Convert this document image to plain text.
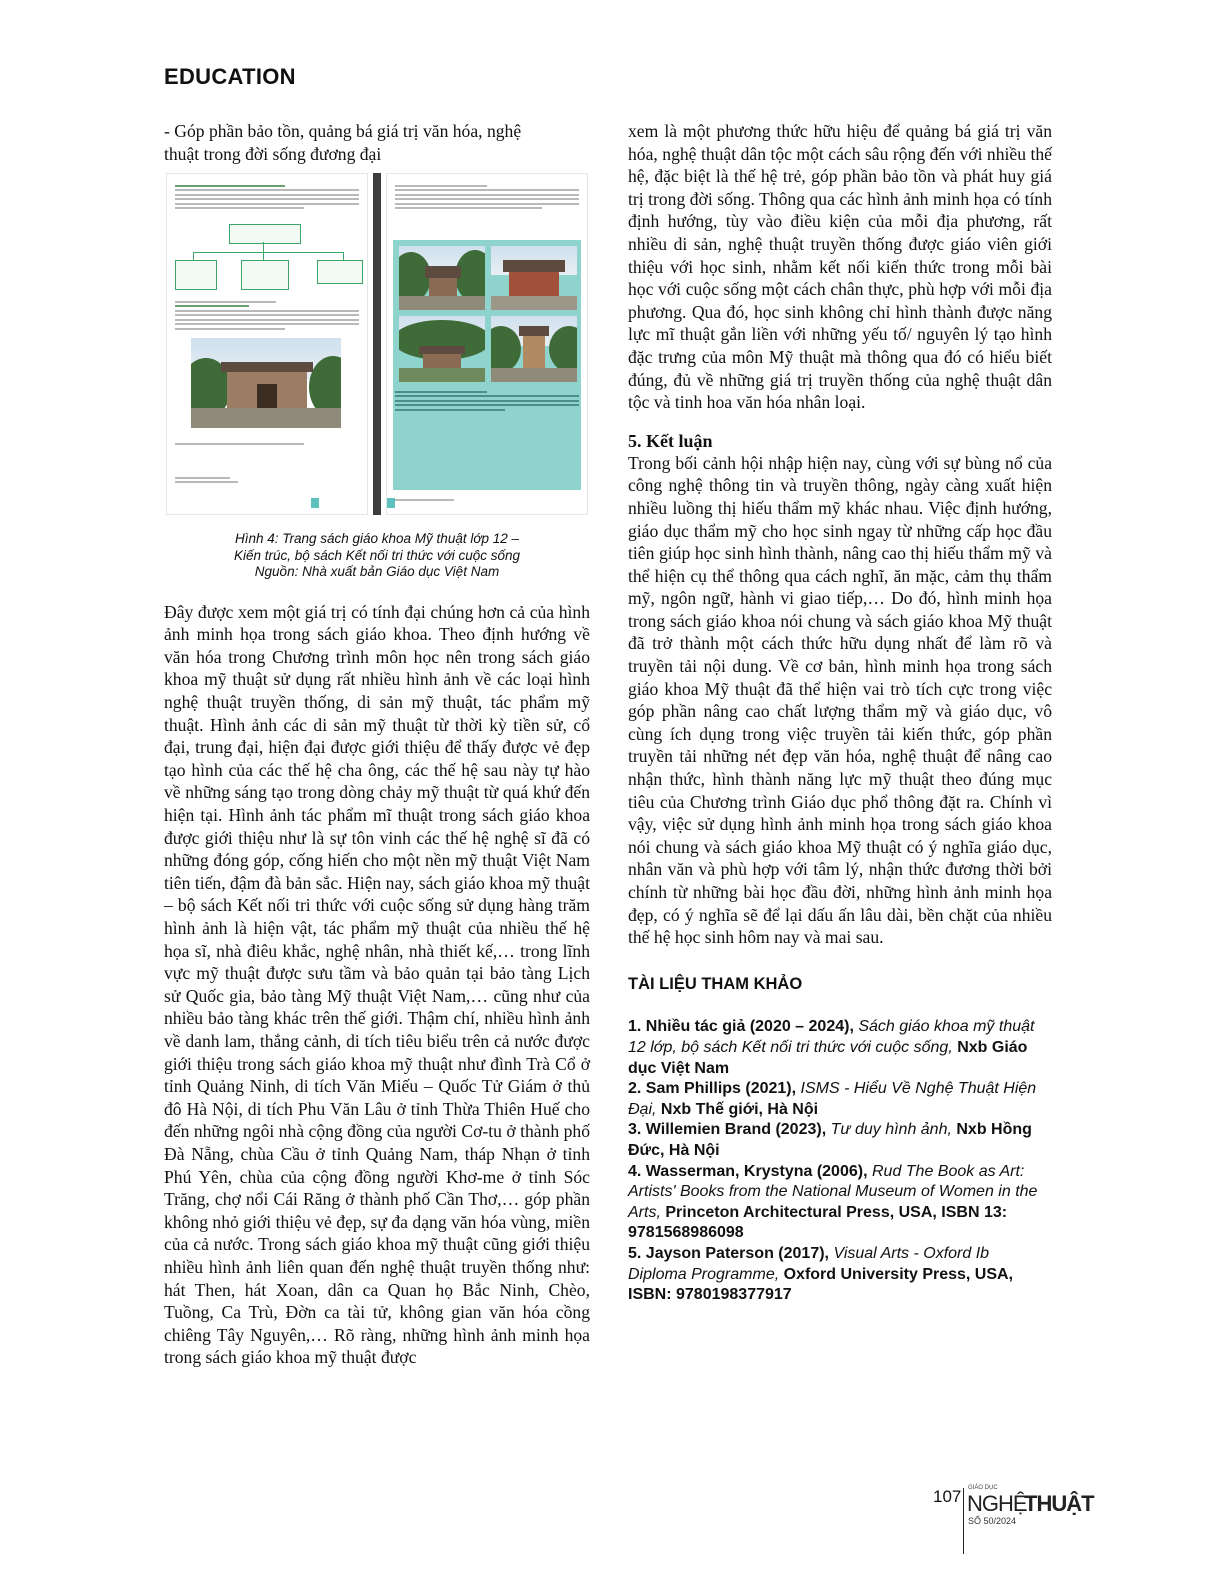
EDUCATION

- Góp phần bảo tồn, quảng bá giá trị văn hóa, nghệ

thuật trong đời sống đương đại

Hình 4: Trang sách giáo khoa Mỹ thuật lớp 12 –
Kiến trúc, bộ sách Kết nối tri thức với cuộc sống
Nguồn: Nhà xuất bản Giáo dục Việt Nam

Đây được xem một giá trị có tính đại chúng hơn cả của hình ảnh minh họa trong sách giáo khoa. Theo định hướng về văn hóa trong Chương trình môn học nên trong sách giáo khoa mỹ thuật sử dụng rất nhiều hình ảnh về các loại hình nghệ thuật truyền thống, di sản mỹ thuật, tác phẩm mỹ thuật. Hình ảnh các di sản mỹ thuật từ thời kỳ tiền sử, cổ đại, trung đại, hiện đại được giới thiệu để thấy được vẻ đẹp tạo hình của các thế hệ cha ông, các thế hệ sau này tự hào về những sáng tạo trong dòng chảy mỹ thuật từ quá khứ đến hiện tại. Hình ảnh tác phẩm mĩ thuật trong sách giáo khoa được giới thiệu như là sự tôn vinh các thế hệ nghệ sĩ đã có những đóng góp, cống hiến cho một nền mỹ thuật Việt Nam tiên tiến, đậm đà bản sắc. Hiện nay, sách giáo khoa mỹ thuật – bộ sách Kết nối tri thức với cuộc sống sử dụng hàng trăm hình ảnh là hiện vật, tác phẩm mỹ thuật của nhiều thế hệ họa sĩ, nhà điêu khắc, nghệ nhân, nhà thiết kế,… trong lĩnh vực mỹ thuật được sưu tầm và bảo quản tại bảo tàng Lịch sử Quốc gia, bảo tàng Mỹ thuật Việt Nam,… cũng như của nhiều bảo tàng khác trên thế giới. Thậm chí, nhiều hình ảnh về danh lam, thắng cảnh, di tích tiêu biểu trên cả nước được giới thiệu trong sách giáo khoa mỹ thuật như đình Trà Cổ ở tỉnh Quảng Ninh, di tích Văn Miếu – Quốc Tử Giám ở thủ đô Hà Nội, di tích Phu Văn Lâu ở tỉnh Thừa Thiên Huế cho đến những ngôi nhà cộng đồng của người Cơ-tu ở thành phố Đà Nẵng, chùa Cầu ở tỉnh Quảng Nam, tháp Nhạn ở tỉnh Phú Yên, chùa của cộng đồng người Khơ-me ở tỉnh Sóc Trăng, chợ nổi Cái Răng ở thành phố Cần Thơ,… góp phần không nhỏ giới thiệu vẻ đẹp, sự đa dạng văn hóa vùng, miền của cả nước. Trong sách giáo khoa mỹ thuật cũng giới thiệu nhiều hình ảnh liên quan đến nghệ thuật truyền thống như: hát Then, hát Xoan, dân ca Quan họ Bắc Ninh, Chèo, Tuồng, Ca Trù, Đờn ca tài tử, không gian văn hóa cồng chiêng Tây Nguyên,… Rõ ràng, những hình ảnh minh họa trong sách giáo khoa mỹ thuật được

xem là một phương thức hữu hiệu để quảng bá giá trị văn hóa, nghệ thuật dân tộc một cách sâu rộng đến với nhiều thế hệ, đặc biệt là thế hệ trẻ, góp phần bảo tồn và phát huy giá trị trong đời sống. Thông qua các hình ảnh minh họa có tính định hướng, tùy vào điều kiện của mỗi địa phương, rất nhiều di sản, nghệ thuật truyền thống được giáo viên giới thiệu với học sinh, nhằm kết nối kiến thức trong mỗi bài học với cuộc sống một cách chân thực, phù hợp với mỗi địa phương. Qua đó, học sinh không chỉ hình thành được năng lực mĩ thuật gắn liền với những yếu tố/ nguyên lý tạo hình đặc trưng của môn Mỹ thuật mà thông qua đó có hiểu biết đúng, đủ về những giá trị truyền thống của nghệ thuật dân tộc và tinh hoa văn hóa nhân loại.

5. Kết luận

Trong bối cảnh hội nhập hiện nay, cùng với sự bùng nổ của công nghệ thông tin và truyền thông, ngày càng xuất hiện nhiều luồng thị hiếu thẩm mỹ khác nhau. Việc định hướng, giáo dục thẩm mỹ cho học sinh ngay từ những cấp học đầu tiên giúp học sinh hình thành, nâng cao thị hiếu thẩm mỹ và thể hiện cụ thể thông qua cách nghĩ, ăn mặc, cảm thụ thẩm mỹ, ngôn ngữ, hành vi giao tiếp,… Do đó, hình minh họa trong sách giáo khoa nói chung và sách giáo khoa Mỹ thuật đã trở thành một cách thức hữu dụng nhất để làm rõ và truyền tải nội dung. Về cơ bản, hình minh họa trong sách giáo khoa Mỹ thuật đã thể hiện vai trò tích cực trong việc góp phần nâng cao chất lượng thẩm mỹ và giáo dục, vô cùng ích dụng trong việc truyền tải kiến thức, góp phần truyền tải những nét đẹp văn hóa, nghệ thuật để nâng cao nhận thức, hình thành năng lực mỹ thuật theo đúng mục tiêu của Chương trình Giáo dục phổ thông đặt ra. Chính vì vậy, việc sử dụng hình ảnh minh họa trong sách giáo khoa nói chung và sách giáo khoa Mỹ thuật có ý nghĩa giáo dục, nhân văn và phù hợp với tâm lý, nhận thức đương thời bởi chính từ những bài học đầu đời, những hình ảnh minh họa đẹp, có ý nghĩa sẽ để lại dấu ấn lâu dài, bền chặt của nhiều thế hệ học sinh hôm nay và mai sau.

TÀI LIỆU THAM KHẢO
1. Nhiều tác giả (2020 – 2024), Sách giáo khoa mỹ thuật 12 lớp, bộ sách Kết nối tri thức với cuộc sống, Nxb Giáo dục Việt Nam
2. Sam Phillips (2021), ISMS - Hiểu Về Nghệ Thuật Hiện Đại, Nxb Thế giới, Hà Nội
3. Willemien Brand (2023), Tư duy hình ảnh, Nxb Hồng Đức, Hà Nội
4. Wasserman, Krystyna (2006), Rud The Book as Art: Artists' Books from the National Museum of Women in the Arts, Princeton Architectural Press, USA, ISBN 13: 9781568986098
5. Jayson Paterson (2017), Visual Arts - Oxford Ib Diploma Programme, Oxford University Press, USA, ISBN: 9780198377917
107 GIÁO DỤC
NGHỆ
THUẬT
SỐ 50/2024
